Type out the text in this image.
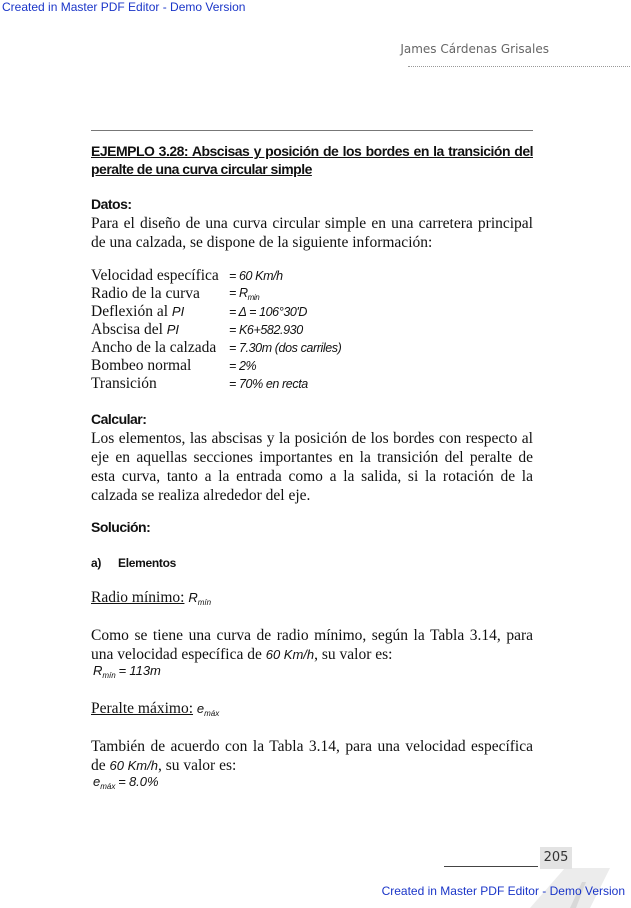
Created in Master PDF Editor - Demo Version
James Cárdenas Grisales
EJEMPLO 3.28: Abscisas y posición de los bordes en la transición del peralte de una curva circular simple
Datos:

Para el diseño de una curva circular simple en una carretera principal de una calzada, se dispone de la siguiente información:

Velocidad específica	= 60 Km/h
Radio de la curva	= $R_{min}$
Deflexión al PI	= Δ = 106°30'D
Abscisa del PI	= K6+582.930
Ancho de la calzada	= 7.30m (dos carriles)
Bombeo normal	= 2%
Transición	= 70% en recta
Calcular:

Los elementos, las abscisas y la posición de los bordes con respecto al eje en aquellas secciones importantes en la transición del peralte de esta curva, tanto a la entrada como a la salida, si la rotación de la calzada se realiza alrededor del eje.

Solución:
a) Elementos
Radio mínimo: $R_{mín}$

Como se tiene una curva de radio mínimo, según la Tabla 3.14, para una velocidad específica de 60 Km/h, su valor es:

$R_{mín} = 113m$
Peralte máximo: $e_{máx}$

También de acuerdo con la Tabla 3.14, para una velocidad específica de 60 Km/h, su valor es:

$e_{máx} = 8.0\%$
205
Created in Master PDF Editor - Demo Version
